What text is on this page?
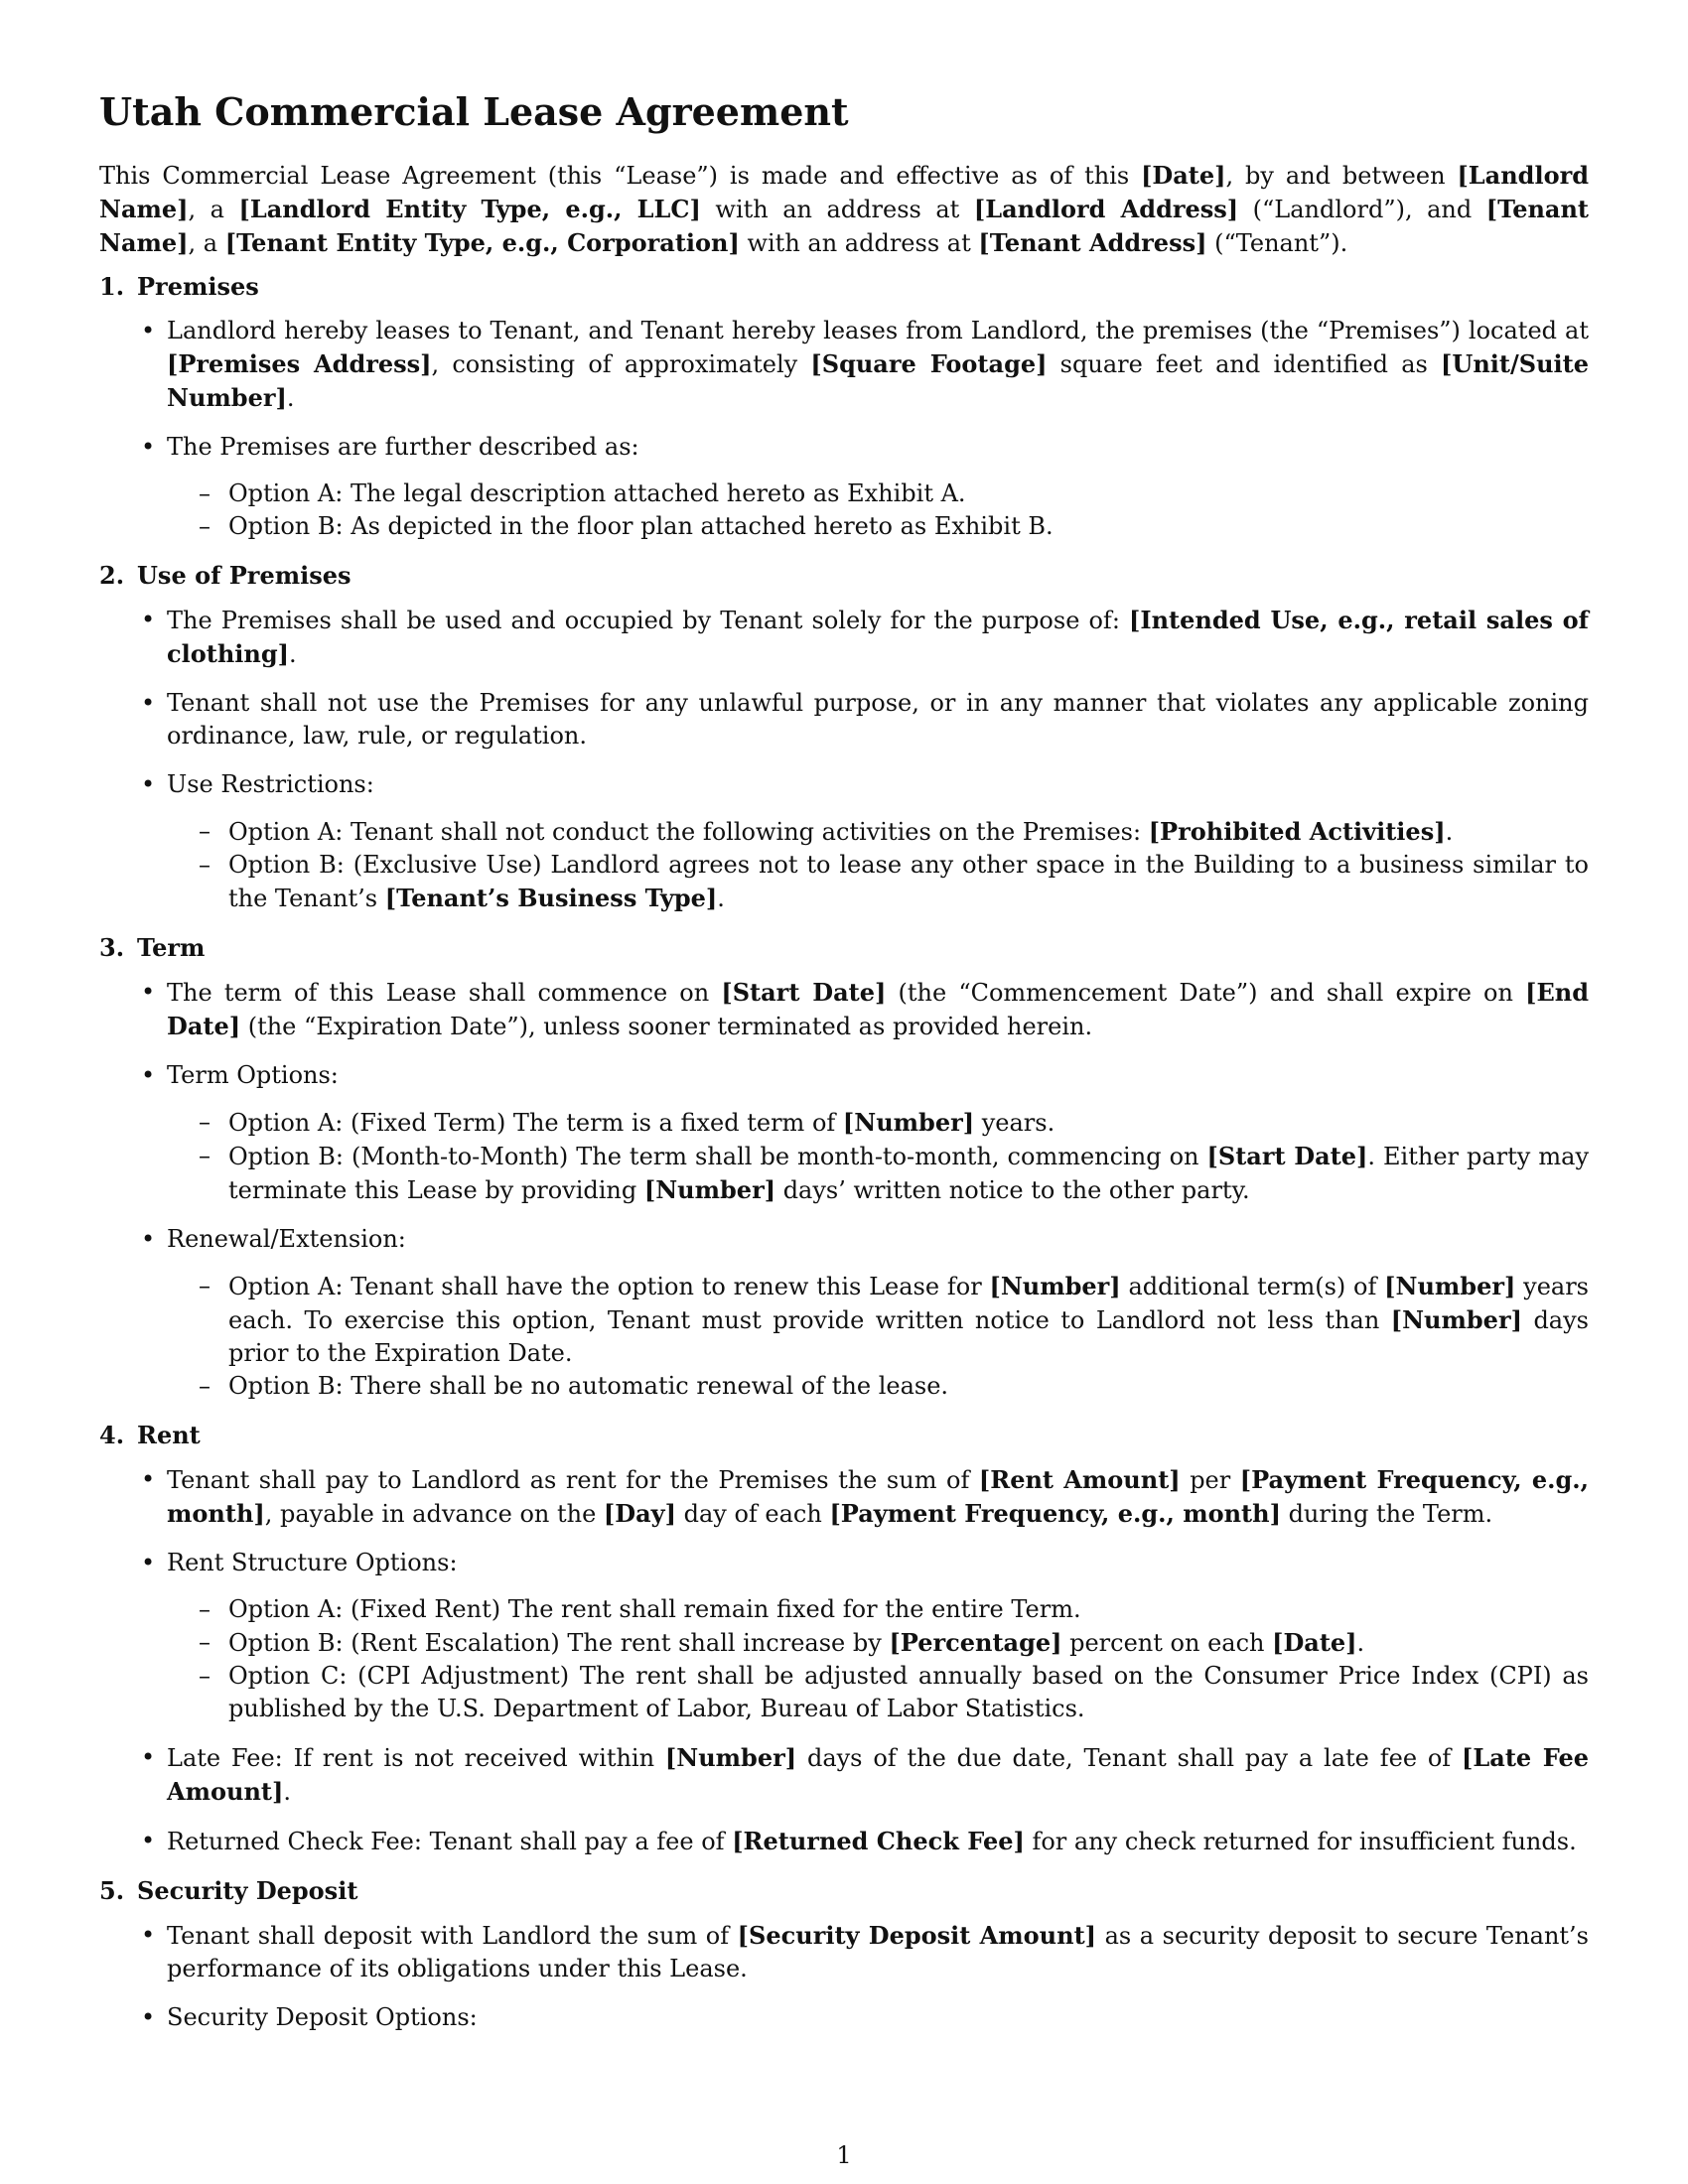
Utah Commercial Lease Agreement

This Commercial Lease Agreement (this “Lease”) is made and effective as of this [Date], by and between [Landlord Name], a [Landlord Entity Type, e.g., LLC] with an address at [Landlord Address] (“Landlord”), and [Tenant Name], a [Tenant Entity Type, e.g., Corporation] with an address at [Tenant Address] (“Tenant”).

1. Premises
• Landlord hereby leases to Tenant, and Tenant hereby leases from Landlord, the premises (the “Premises”) located at [Premises Address], consisting of approximately [Square Footage] square feet and identified as [Unit/Suite Number].
• The Premises are further described as:
– Option A: The legal description attached hereto as Exhibit A.
– Option B: As depicted in the floor plan attached hereto as Exhibit B.
2. Use of Premises
• The Premises shall be used and occupied by Tenant solely for the purpose of: [Intended Use, e.g., retail sales of clothing].
• Tenant shall not use the Premises for any unlawful purpose, or in any manner that violates any applicable zoning ordinance, law, rule, or regulation.
• Use Restrictions:
– Option A: Tenant shall not conduct the following activities on the Premises: [Prohibited Activities].
– Option B: (Exclusive Use) Landlord agrees not to lease any other space in the Building to a business similar to the Tenant’s [Tenant’s Business Type].
3. Term
• The term of this Lease shall commence on [Start Date] (the “Commencement Date”) and shall expire on [End Date] (the “Expiration Date”), unless sooner terminated as provided herein.
• Term Options:
– Option A: (Fixed Term) The term is a fixed term of [Number] years.
– Option B: (Month-to-Month) The term shall be month-to-month, commencing on [Start Date]. Either party may terminate this Lease by providing [Number] days’ written notice to the other party.
• Renewal/Extension:
– Option A: Tenant shall have the option to renew this Lease for [Number] additional term(s) of [Number] years each. To exercise this option, Tenant must provide written notice to Landlord not less than [Number] days prior to the Expiration Date.
– Option B: There shall be no automatic renewal of the lease.
4. Rent
• Tenant shall pay to Landlord as rent for the Premises the sum of [Rent Amount] per [Payment Frequency, e.g., month], payable in advance on the [Day] day of each [Payment Frequency, e.g., month] during the Term.
• Rent Structure Options:
– Option A: (Fixed Rent) The rent shall remain fixed for the entire Term.
– Option B: (Rent Escalation) The rent shall increase by [Percentage] percent on each [Date].
– Option C: (CPI Adjustment) The rent shall be adjusted annually based on the Consumer Price Index (CPI) as published by the U.S. Department of Labor, Bureau of Labor Statistics.
• Late Fee: If rent is not received within [Number] days of the due date, Tenant shall pay a late fee of [Late Fee Amount].
• Returned Check Fee: Tenant shall pay a fee of [Returned Check Fee] for any check returned for insufficient funds.
5. Security Deposit
• Tenant shall deposit with Landlord the sum of [Security Deposit Amount] as a security deposit to secure Tenant’s performance of its obligations under this Lease.
• Security Deposit Options:
1
